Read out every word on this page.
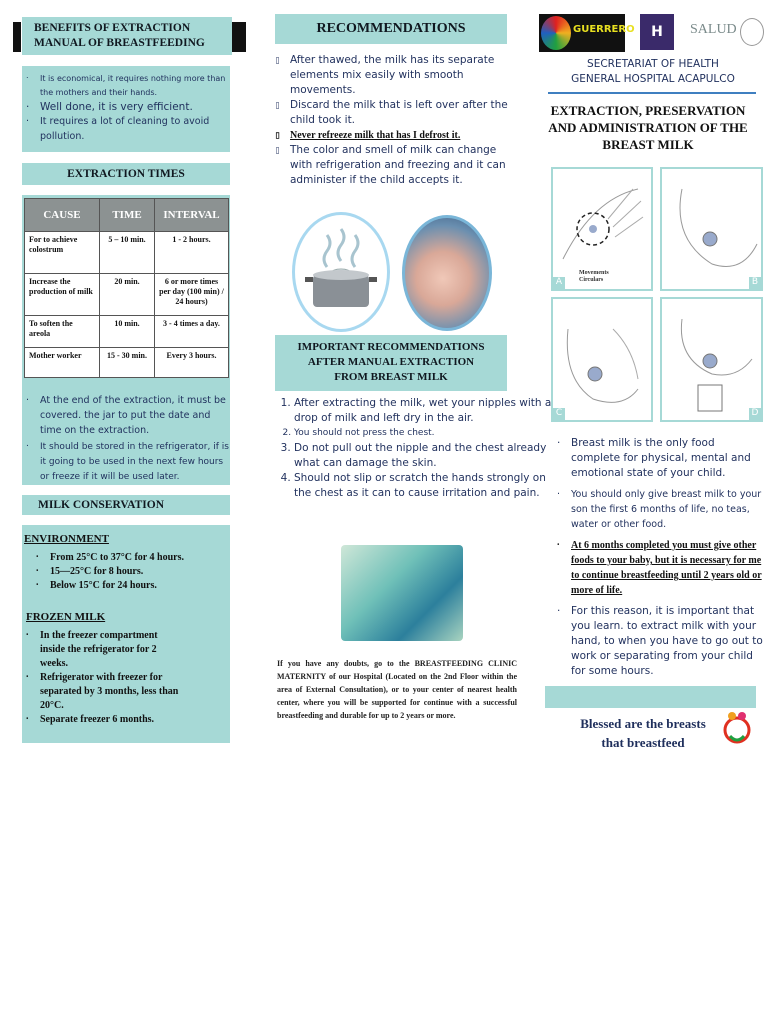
BENEFITS OF EXTRACTION MANUAL OF BREASTFEEDING
. It is economical, it requires nothing more than the mothers and their hands.
. Well done, it is very efficient.
. It requires a lot of cleaning to avoid pollution.
EXTRACTION TIMES
CAUSE	TIME	INTERVAL
For to achieve colostrum	5 – 10 min.	1 - 2 hours.
Increase the production of milk	20 min.	6 or more times per day (100 min) / 24 hours)
To soften the areola	10 min.	3 - 4 times a day.
Mother worker	15 - 30 min.	Every 3 hours.
. At the end of the extraction, it must be covered. the jar to put the date and time on the extraction.
. It should be stored in the refrigerator, if is it going to be used in the next few hours or freeze if it will be used later.
MILK CONSERVATION
ENVIRONMENT
. From 25°C to 37°C for 4 hours.
. 15—25°C for 8 hours.
. Below 15°C for 24 hours.
FROZEN MILK
. In the freezer compartment inside the refrigerator for 2 weeks.
. Refrigerator with freezer for separated by 3 months, less than 20°C.
. Separate freezer 6 months.
RECOMMENDATIONS
▭ After thawed, the milk has its separate elements mix easily with smooth movements.
▭ Discard the milk that is left over after the child took it.
▭ Never refreeze milk that has I defrost it.
▭ The color and smell of milk can change with refrigeration and freezing and it can administer if the child accepts it.
IMPORTANT RECOMMENDATIONS AFTER MANUAL EXTRACTION FROM BREAST MILK
1. After extracting the milk, wet your nipples with a drop of milk and left dry in the air.
2. You should not press the chest.
3. Do not pull out the nipple and the chest already what can damage the skin.
4. Should not slip or scratch the hands strongly on the chest as it can to cause irritation and pain.
If you have any doubts, go to the BREASTFEEDING CLINIC MATERNITY of our Hospital (Located on the 2nd Floor within the area of External Consultation), or to your center of nearest health center, where you will be supported for continue with a successful breastfeeding and durable for up to 2 years or more.
GUERRERO	H	SALUD
SECRETARIAT OF HEALTH
GENERAL HOSPITAL ACAPULCO
EXTRACTION, PRESERVATION AND ADMINISTRATION OF THE BREAST MILK
Movements Circulars
A	B
C	D
. Breast milk is the only food complete for physical, mental and emotional state of your child.
. You should only give breast milk to your son the first 6 months of life, no teas, water or other food.
. At 6 months completed you must give other foods to your baby, but it is necessary for me to continue breastfeeding until 2 years old or more of life.
. For this reason, it is important that you learn. to extract milk with your hand, to when you have to go out to work or separating from your child for some hours.
Blessed are the breasts that breastfeed
